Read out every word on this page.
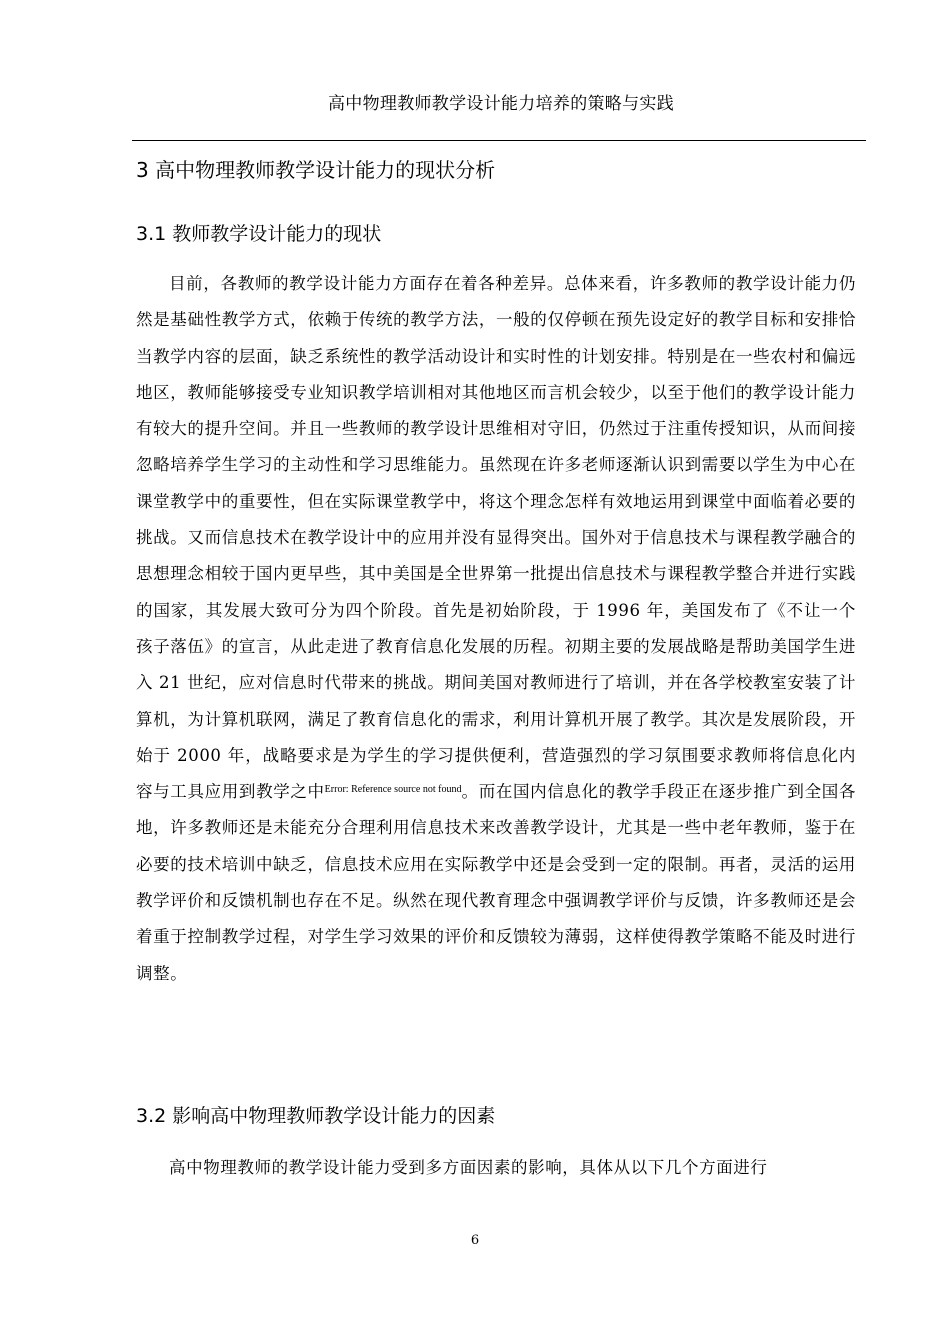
高中物理教师教学设计能力培养的策略与实践
3 高中物理教师教学设计能力的现状分析
3.1 教师教学设计能力的现状
目前，各教师的教学设计能力方面存在着各种差异。总体来看，许多教师的教学设计能力仍然是基础性教学方式，依赖于传统的教学方法，一般的仅停顿在预先设定好的教学目标和安排恰当教学内容的层面，缺乏系统性的教学活动设计和实时性的计划安排。特别是在一些农村和偏远地区，教师能够接受专业知识教学培训相对其他地区而言机会较少，以至于他们的教学设计能力有较大的提升空间。并且一些教师的教学设计思维相对守旧，仍然过于注重传授知识，从而间接忽略培养学生学习的主动性和学习思维能力。虽然现在许多老师逐渐认识到需要以学生为中心在课堂教学中的重要性，但在实际课堂教学中，将这个理念怎样有效地运用到课堂中面临着必要的挑战。又而信息技术在教学设计中的应用并没有显得突出。国外对于信息技术与课程教学融合的思想理念相较于国内更早些，其中美国是全世界第一批提出信息技术与课程教学整合并进行实践的国家，其发展大致可分为四个阶段。首先是初始阶段，于 1996 年，美国发布了《不让一个孩子落伍》的宣言，从此走进了教育信息化发展的历程。初期主要的发展战略是帮助美国学生进入 21 世纪，应对信息时代带来的挑战。期间美国对教师进行了培训，并在各学校教室安装了计算机，为计算机联网，满足了教育信息化的需求，利用计算机开展了教学。其次是发展阶段，开始于 2000 年，战略要求是为学生的学习提供便利，营造强烈的学习氛围要求教师将信息化内容与工具应用到教学之中$^{Error: Reference source not found}$。而在国内信息化的教学手段正在逐步推广到全国各地，许多教师还是未能充分合理利用信息技术来改善教学设计，尤其是一些中老年教师，鉴于在必要的技术培训中缺乏，信息技术应用在实际教学中还是会受到一定的限制。再者，灵活的运用教学评价和反馈机制也存在不足。纵然在现代教育理念中强调教学评价与反馈，许多教师还是会着重于控制教学过程，对学生学习效果的评价和反馈较为薄弱，这样使得教学策略不能及时进行调整。
3.2 影响高中物理教师教学设计能力的因素
高中物理教师的教学设计能力受到多方面因素的影响，具体从以下几个方面进行
6
